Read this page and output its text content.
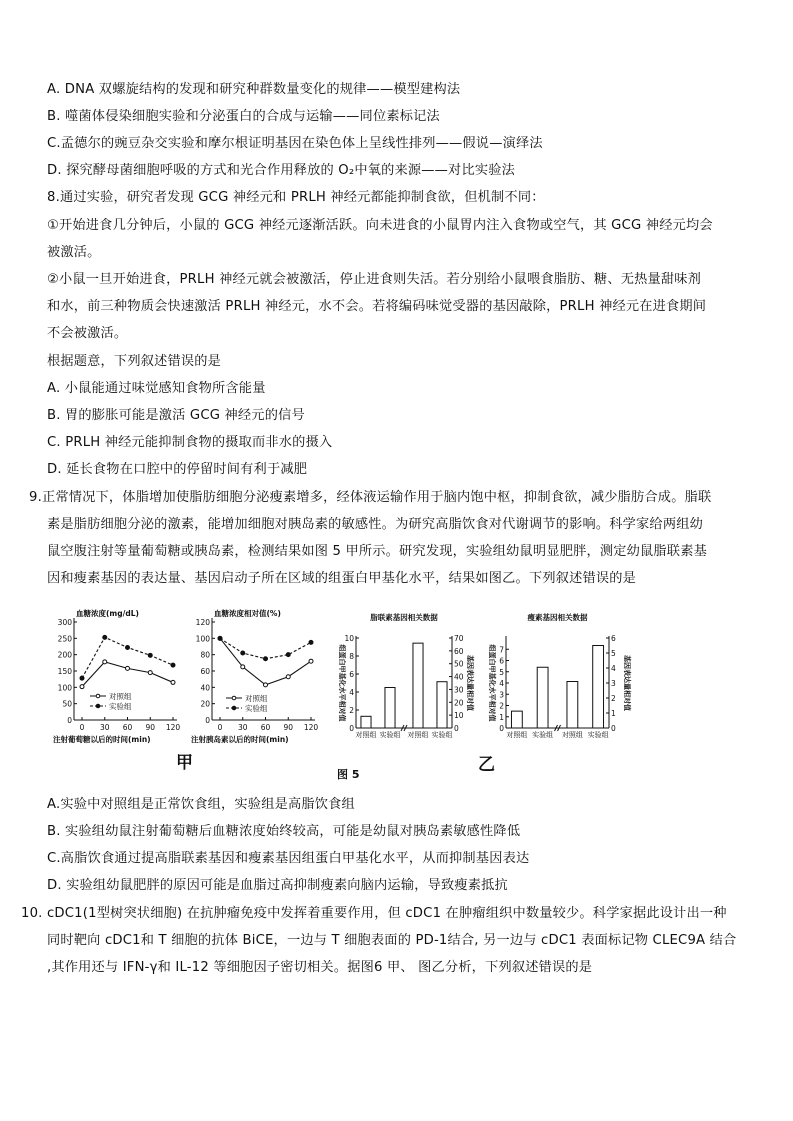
A. DNA 双螺旋结构的发现和研究种群数量变化的规律——模型建构法
B. 噬菌体侵染细胞实验和分泌蛋白的合成与运输——同位素标记法
C.孟德尔的豌豆杂交实验和摩尔根证明基因在染色体上呈线性排列——假说—演绎法
D. 探究酵母菌细胞呼吸的方式和光合作用释放的 O₂中氧的来源——对比实验法
8.通过实验，研究者发现 GCG 神经元和 PRLH 神经元都能抑制食欲，但机制不同：
①开始进食几分钟后，小鼠的 GCG 神经元逐渐活跃。向未进食的小鼠胃内注入食物或空气，其 GCG 神经元均会
被激活。
②小鼠一旦开始进食，PRLH 神经元就会被激活，停止进食则失活。若分别给小鼠喂食脂肪、糖、无热量甜味剂
和水，前三种物质会快速激活 PRLH 神经元，水不会。若将编码味觉受器的基因敲除，PRLH 神经元在进食期间
不会被激活。
根据题意，下列叙述错误的是
A. 小鼠能通过味觉感知食物所含能量
B. 胃的膨胀可能是激活 GCG 神经元的信号
C. PRLH 神经元能抑制食物的摄取而非水的摄入
D. 延长食物在口腔中的停留时间有利于减肥
9.正常情况下，体脂增加使脂肪细胞分泌瘦素增多，经体液运输作用于脑内饱中枢，抑制食欲，减少脂肪合成。脂联
素是脂肪细胞分泌的激素，能增加细胞对胰岛素的敏感性。为研究高脂饮食对代谢调节的影响。科学家给两组幼
鼠空腹注射等量葡萄糖或胰岛素，检测结果如图 5 甲所示。研究发现，实验组幼鼠明显肥胖，测定幼鼠脂联素基
因和瘦素基因的表达量、基因启动子所在区域的组蛋白甲基化水平，结果如图乙。下列叙述错误的是
血糖浓度(mg/dL)
0
50
100
150
200
250
300
0 30 60 90 120
注射葡萄糖以后的时间(min)
对照组
实验组
血糖浓度相对值(%)
0
20
40
60
80
100
120
0 30 60 90 120
注射胰岛素以后的时间(min)
对照组
实验组
脂联素基因相关数据
0
2
4
6
8
10
0
10
20
30
40
50
60
70
组蛋白甲基化水平相对值	基因表达量相对值
对照组 实验组 对照组 实验组
瘦素基因相关数据
0
1
2
3
4
5
6
7
0
1
2
3
4
5
6
组蛋白甲基化水平相对值	基因表达量相对值
对照组 实验组 对照组 实验组
甲	乙
图 5
A.实验中对照组是正常饮食组，实验组是高脂饮食组
B. 实验组幼鼠注射葡萄糖后血糖浓度始终较高，可能是幼鼠对胰岛素敏感性降低
C.高脂饮食通过提高脂联素基因和瘦素基因组蛋白甲基化水平，从而抑制基因表达
D. 实验组幼鼠肥胖的原因可能是血脂过高抑制瘦素向脑内运输，导致瘦素抵抗
10. cDC1(1型树突状细胞) 在抗肿瘤免疫中发挥着重要作用，但 cDC1 在肿瘤组织中数量较少。科学家据此设计出一种
同时靶向 cDC1和 T 细胞的抗体 BiCE，一边与 T 细胞表面的 PD-1结合, 另一边与 cDC1 表面标记物 CLEC9A 结合
,其作用还与 IFN-γ和 IL-12 等细胞因子密切相关。据图6 甲、 图乙分析，下列叙述错误的是
